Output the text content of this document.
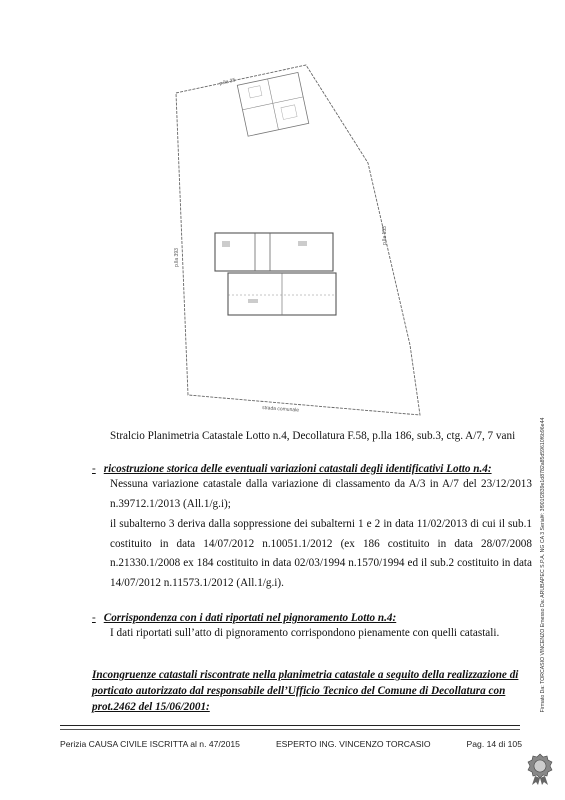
p.lla 25
p.lla 393
p.lla 153
strada comunale
Stralcio Planimetria Catastale Lotto n.4, Decollatura F.58, p.lla 186, sub.3, ctg. A/7, 7 vani
- ricostruzione storica delle eventuali variazioni catastali degli identificativi Lotto n.4:

Nessuna variazione catastale dalla variazione di classamento da A/3 in A/7 del 23/12/2013 n.39712.1/2013 (All.1/g.i);

il subalterno 3 deriva dalla soppressione dei subalterni 1 e 2 in data 11/02/2013 di cui il sub.1 costituito in data 14/07/2012 n.10051.1/2012 (ex 186 costituito in data 28/07/2008 n.21330.1/2008 ex 184 costituito in data 02/03/1994 n.1570/1994 ed il sub.2 costituito in data 14/07/2012 n.11573.1/2012 (All.1/g.i).

- Corrispondenza con i dati riportati nel pignoramento Lotto n.4:

I dati riportati sull’atto di pignoramento corrispondono pienamente con quelli catastali.

Incongruenze catastali riscontrate nella planimetria catastale a seguito della realizzazione di porticato autorizzato dal responsabile dell’Ufficio Tecnico del Comune di Decollatura con prot.2462 del 15/06/2001:
Perizia CAUSA CIVILE ISCRITTA al n. 47/2015	ESPERTO ING. VINCENZO TORCASIO	Pag. 14 di 105
Firmato Da: TORCASIO VINCENZO Emesso Da: ARUBAPEC S.P.A. NG CA 3 Serial#: 3f901f2839e1d8782a85d59610f6b96e44
